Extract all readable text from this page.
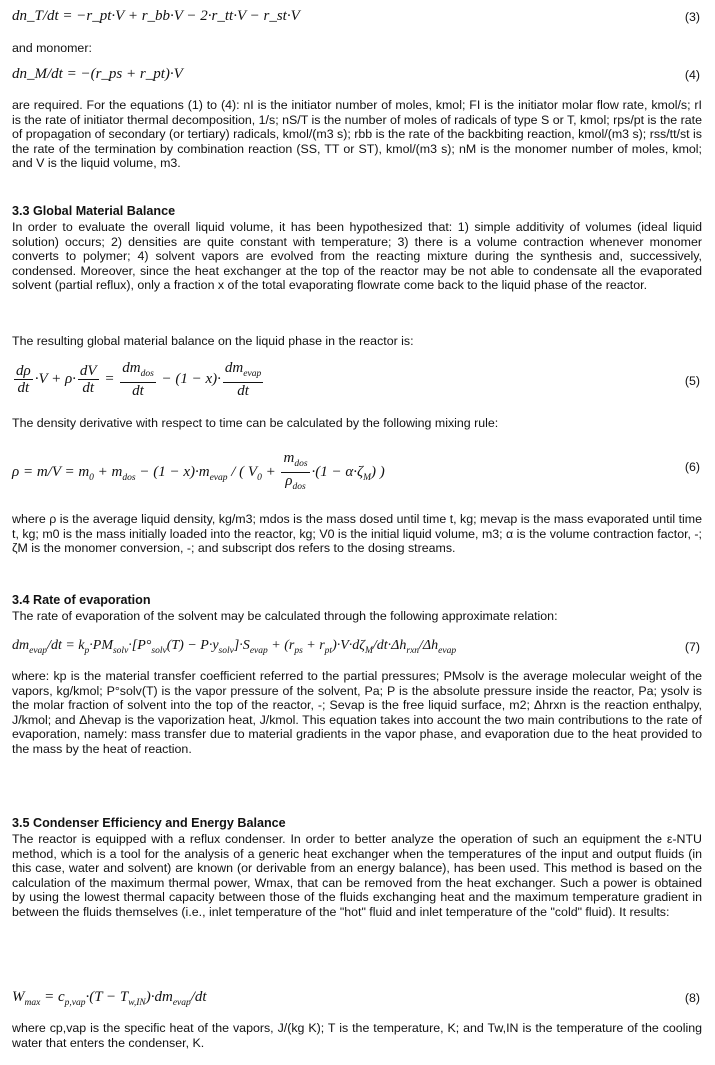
dn_T/dt = −r_pt·V + r_bb·V − 2·r_tt·V − r_st·V	(3)
and monomer:
dn_M/dt = −(r_ps + r_pt)·V	(4)
are required. For the equations (1) to (4): nI is the initiator number of moles, kmol; FI is the initiator molar flow rate, kmol/s; rI is the rate of initiator thermal decomposition, 1/s; nS/T is the number of moles of radicals of type S or T, kmol; rps/pt is the rate of propagation of secondary (or tertiary) radicals, kmol/(m3 s); rbb is the rate of the backbiting reaction, kmol/(m3 s); rss/tt/st is the rate of the termination by combination reaction (SS, TT or ST), kmol/(m3 s); nM is the monomer number of moles, kmol; and V is the liquid volume, m3.
3.3 Global Material Balance
In order to evaluate the overall liquid volume, it has been hypothesized that: 1) simple additivity of volumes (ideal liquid solution) occurs; 2) densities are quite constant with temperature; 3) there is a volume contraction whenever monomer converts to polymer; 4) solvent vapors are evolved from the reacting mixture during the synthesis and, successively, condensed. Moreover, since the heat exchanger at the top of the reactor may be not able to condensate all the evaporated solvent (partial reflux), only a fraction x of the total evaporating flowrate come back to the liquid phase of the reactor.
The resulting global material balance on the liquid phase in the reactor is:
$\frac{d\rho}{dt} \cdot V + \rho\cdot \frac{dV}{dt}$ =
$dm_{dos}$
dt
− (1 − x)·
$dm_{evap}$
dt
(5)
The density derivative with respect to time can be calculated by the following mixing rule:
$\rho = m/V = m_0 + m_{dos} - (1 - x)\cdot m_{evap}$ / ( $V_0$ +
$m_{dos}$
$\rho_{dos}$
$\cdot(1 - \alpha\cdot\zeta_M)$ )	(6)
where ρ is the average liquid density, kg/m3; mdos is the mass dosed until time t, kg; mevap is the mass evaporated until time t, kg; m0 is the mass initially loaded into the reactor, kg; V0 is the initial liquid volume, m3; α is the volume contraction factor, -; ζM is the monomer conversion, -; and subscript dos refers to the dosing streams.
3.4 Rate of evaporation
The rate of evaporation of the solvent may be calculated through the following approximate relation:
$dm_{evap}/dt = k_p\cdot PM_{solv}\cdot[P^\circ_{solv}(T) - P\cdot y_{solv}]\cdot S_{evap} + (r_{ps} + r_{pt})\cdot V\cdot d\zeta_M/dt\cdot\Delta h_{rxn}/\Delta h_{evap}$	(7)
where: kp is the material transfer coefficient referred to the partial pressures; PMsolv is the average molecular weight of the vapors, kg/kmol; P°solv(T) is the vapor pressure of the solvent, Pa; P is the absolute pressure inside the reactor, Pa; ysolv is the molar fraction of solvent into the top of the reactor, -; Sevap is the free liquid surface, m2; Δhrxn is the reaction enthalpy, J/kmol; and Δhevap is the vaporization heat, J/kmol. This equation takes into account the two main contributions to the rate of evaporation, namely: mass transfer due to material gradients in the vapor phase, and evaporation due to the heat provided to the mass by the heat of reaction.
3.5 Condenser Efficiency and Energy Balance
The reactor is equipped with a reflux condenser. In order to better analyze the operation of such an equipment the ε-NTU method, which is a tool for the analysis of a generic heat exchanger when the temperatures of the input and output fluids (in this case, water and solvent) are known (or derivable from an energy balance), has been used. This method is based on the calculation of the maximum thermal power, Wmax, that can be removed from the heat exchanger. Such a power is obtained by using the lowest thermal capacity between those of the fluids exchanging heat and the maximum temperature gradient in between the fluids themselves (i.e., inlet temperature of the "hot" fluid and inlet temperature of the "cold" fluid). It results:
$W_{max} = c_{p,vap}\cdot(T - T_{w,IN})\cdot dm_{evap}/dt$	(8)
where cp,vap is the specific heat of the vapors, J/(kg K); T is the temperature, K; and Tw,IN is the temperature of the cooling water that enters the condenser, K.
